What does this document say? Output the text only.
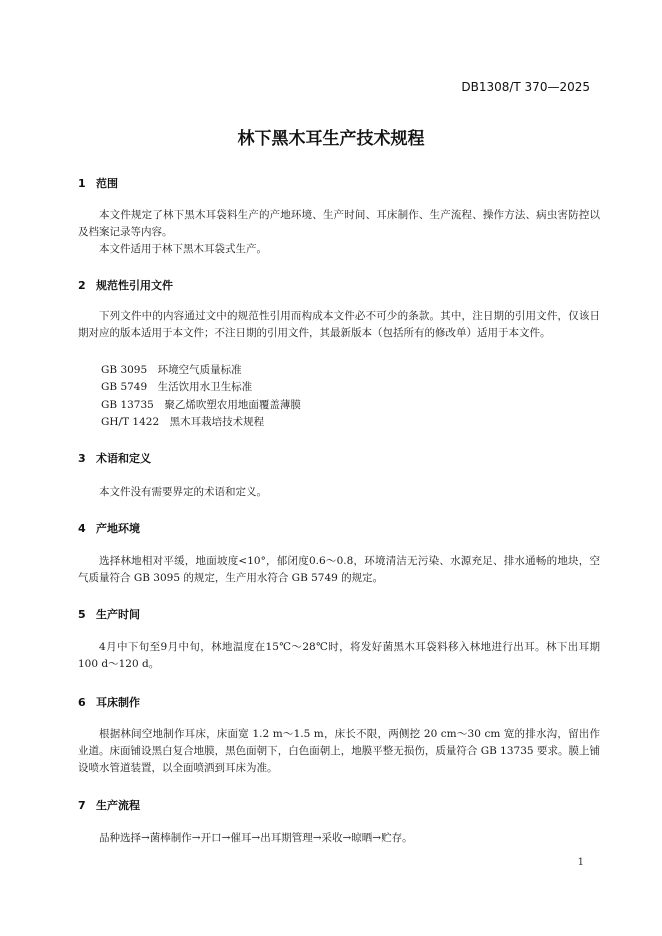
DB1308/T 370—2025
林下黑木耳生产技术规程
1 范围
本文件规定了林下黑木耳袋料生产的产地环境、生产时间、耳床制作、生产流程、操作方法、病虫害防控以及档案记录等内容。
本文件适用于林下黑木耳袋式生产。
2 规范性引用文件
下列文件中的内容通过文中的规范性引用而构成本文件必不可少的条款。其中，注日期的引用文件，仅该日期对应的版本适用于本文件；不注日期的引用文件，其最新版本（包括所有的修改单）适用于本文件。
GB 3095　环境空气质量标准
GB 5749　生活饮用水卫生标准
GB 13735　聚乙烯吹塑农用地面覆盖薄膜
GH/T 1422　黑木耳栽培技术规程
3 术语和定义
本文件没有需要界定的术语和定义。
4 产地环境
选择林地相对平缓，地面坡度<10°，郁闭度0.6～0.8，环境清洁无污染、水源充足、排水通畅的地块，空气质量符合 GB 3095 的规定，生产用水符合 GB 5749 的规定。
5 生产时间
4月中下旬至9月中旬，林地温度在15℃～28℃时，将发好菌黑木耳袋料移入林地进行出耳。林下出耳期 100 d～120 d。
6 耳床制作
根据林间空地制作耳床，床面宽 1.2 m～1.5 m，床长不限，两侧挖 20 cm～30 cm 宽的排水沟，留出作业道。床面铺设黑白复合地膜，黑色面朝下，白色面朝上，地膜平整无损伤，质量符合 GB 13735 要求。膜上铺设喷水管道装置，以全面喷洒到耳床为准。
7 生产流程
品种选择→菌棒制作→开口→催耳→出耳期管理→采收→晾晒→贮存。
1
